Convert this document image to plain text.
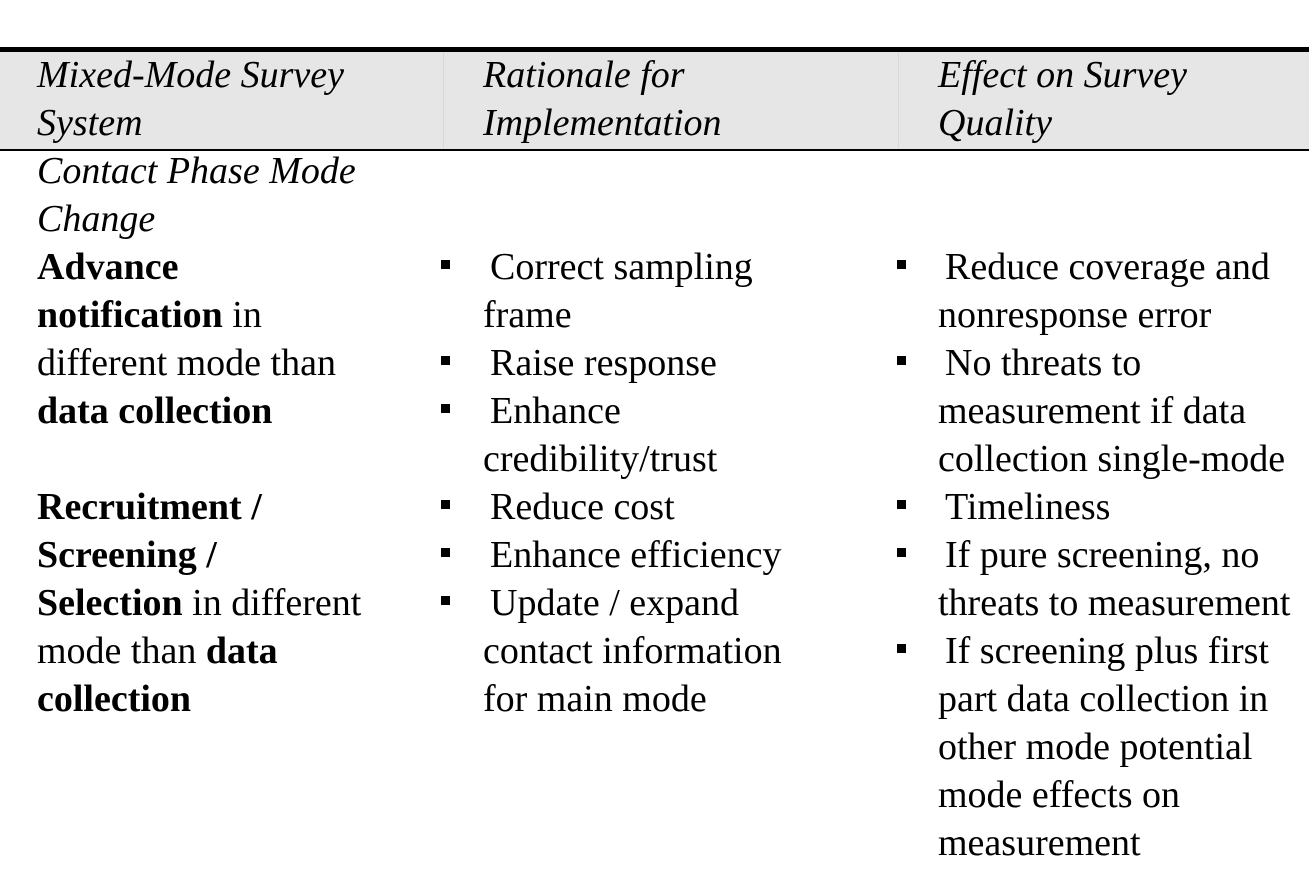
Mixed-Mode Survey
System
Rationale for
Implementation
Effect on Survey
Quality
Contact Phase Mode
Change
Advance
notification in
different mode than
data collection
Recruitment /
Screening /
Selection in different
mode than data
collection
Correct sampling
frame
Raise response
Enhance
credibility/trust
Reduce cost
Enhance efficiency
Update / expand
contact information
for main mode
Reduce coverage and
nonresponse error
No threats to
measurement if data
collection single-mode
Timeliness
If pure screening, no
threats to measurement
If screening plus first
part data collection in
other mode potential
mode effects on
measurement
